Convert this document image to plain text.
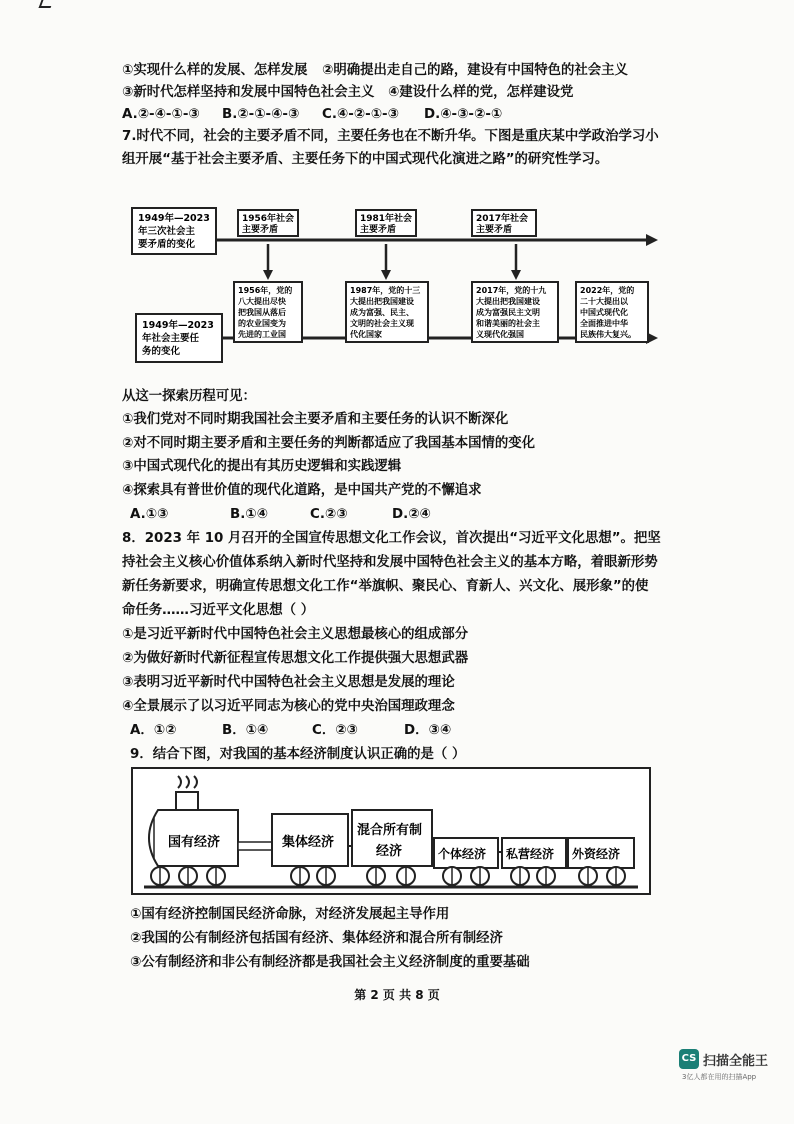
①实现什么样的发展、怎样发展 ②明确提出走自己的路，建设有中国特色的社会主义
③新时代怎样坚持和发展中国特色社会主义 ④建设什么样的党，怎样建设党
A.②-④-①-③ B.②-①-④-③ C.④-②-①-③ D.④-③-②-①
7.时代不同，社会的主要矛盾不同，主要任务也在不断升华。下图是重庆某中学政治学习小
组开展“基于社会主要矛盾、主要任务下的中国式现代化演进之路”的研究性学习。
1949年—2023
年三次社会主
要矛盾的变化
1956年社会
主要矛盾
1981年社会
主要矛盾
2017年社会
主要矛盾
1949年—2023
年社会主要任
务的变化
1956年，党的
八大提出尽快
把我国从落后
的农业国变为
先进的工业国
1987年，党的十三
大提出把我国建设
成为富强、民主、
文明的社会主义现
代化国家
2017年，党的十九
大提出把我国建设
成为富强民主文明
和谐美丽的社会主
义现代化强国
2022年，党的
二十大提出以
中国式现代化
全面推进中华
民族伟大复兴。
从这一探索历程可见：
①我们党对不同时期我国社会主要矛盾和主要任务的认识不断深化
②对不同时期主要矛盾和主要任务的判断都适应了我国基本国情的变化
③中国式现代化的提出有其历史逻辑和实践逻辑
④探索具有普世价值的现代化道路，是中国共产党的不懈追求
A.①③	B.①④	C.②③	D.②④
8．2023 年 10 月召开的全国宣传思想文化工作会议，首次提出“习近平文化思想”。把坚
持社会主义核心价值体系纳入新时代坚持和发展中国特色社会主义的基本方略，着眼新形势
新任务新要求，明确宣传思想文化工作“举旗帜、聚民心、育新人、兴文化、展形象”的使
命任务……习近平文化思想（ ）
①是习近平新时代中国特色社会主义思想最核心的组成部分
②为做好新时代新征程宣传思想文化工作提供强大思想武器
③表明习近平新时代中国特色社会主义思想是发展的理论
④全景展示了以习近平同志为核心的党中央治国理政理念
A．①②	B．①④	C．②③	D．③④
9．结合下图，对我国的基本经济制度认识正确的是（ ）
国有经济	集体经济
混合所有制
经济	个体经济 私营经济 外资经济
①国有经济控制国民经济命脉，对经济发展起主导作用
②我国的公有制经济包括国有经济、集体经济和混合所有制经济
③公有制经济和非公有制经济都是我国社会主义经济制度的重要基础
第 2 页 共 8 页
CS 扫描全能王
3亿人都在用的扫描App
